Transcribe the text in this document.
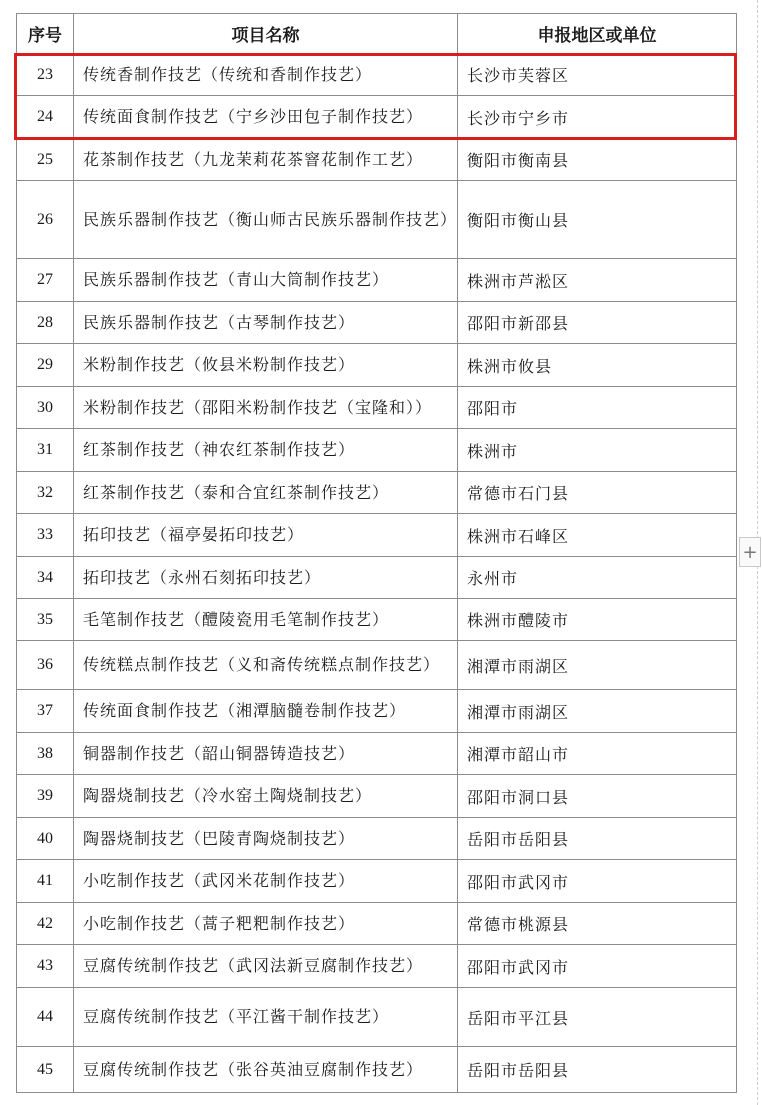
序号	项目名称	申报地区或单位
23	传统香制作技艺（传统和香制作技艺）	长沙市芙蓉区
24	传统面食制作技艺（宁乡沙田包子制作技艺）	长沙市宁乡市
25	花茶制作技艺（九龙茉莉花茶窨花制作工艺）	衡阳市衡南县
26	民族乐器制作技艺（衡山师古民族乐器制作技艺）	衡阳市衡山县
27	民族乐器制作技艺（青山大筒制作技艺）	株洲市芦淞区
28	民族乐器制作技艺（古琴制作技艺）	邵阳市新邵县
29	米粉制作技艺（攸县米粉制作技艺）	株洲市攸县
30	米粉制作技艺（邵阳米粉制作技艺（宝隆和））	邵阳市
31	红茶制作技艺（神农红茶制作技艺）	株洲市
32	红茶制作技艺（泰和合宜红茶制作技艺）	常德市石门县
33	拓印技艺（福亭晏拓印技艺）	株洲市石峰区
34	拓印技艺（永州石刻拓印技艺）	永州市
35	毛笔制作技艺（醴陵瓷用毛笔制作技艺）	株洲市醴陵市
36	传统糕点制作技艺（义和斋传统糕点制作技艺）	湘潭市雨湖区
37	传统面食制作技艺（湘潭脑髓卷制作技艺）	湘潭市雨湖区
38	铜器制作技艺（韶山铜器铸造技艺）	湘潭市韶山市
39	陶器烧制技艺（冷水窑土陶烧制技艺）	邵阳市洞口县
40	陶器烧制技艺（巴陵青陶烧制技艺）	岳阳市岳阳县
41	小吃制作技艺（武冈米花制作技艺）	邵阳市武冈市
42	小吃制作技艺（蒿子粑粑制作技艺）	常德市桃源县
43	豆腐传统制作技艺（武冈法新豆腐制作技艺）	邵阳市武冈市
44	豆腐传统制作技艺（平江酱干制作技艺）	岳阳市平江县
45	豆腐传统制作技艺（张谷英油豆腐制作技艺）	岳阳市岳阳县
+
